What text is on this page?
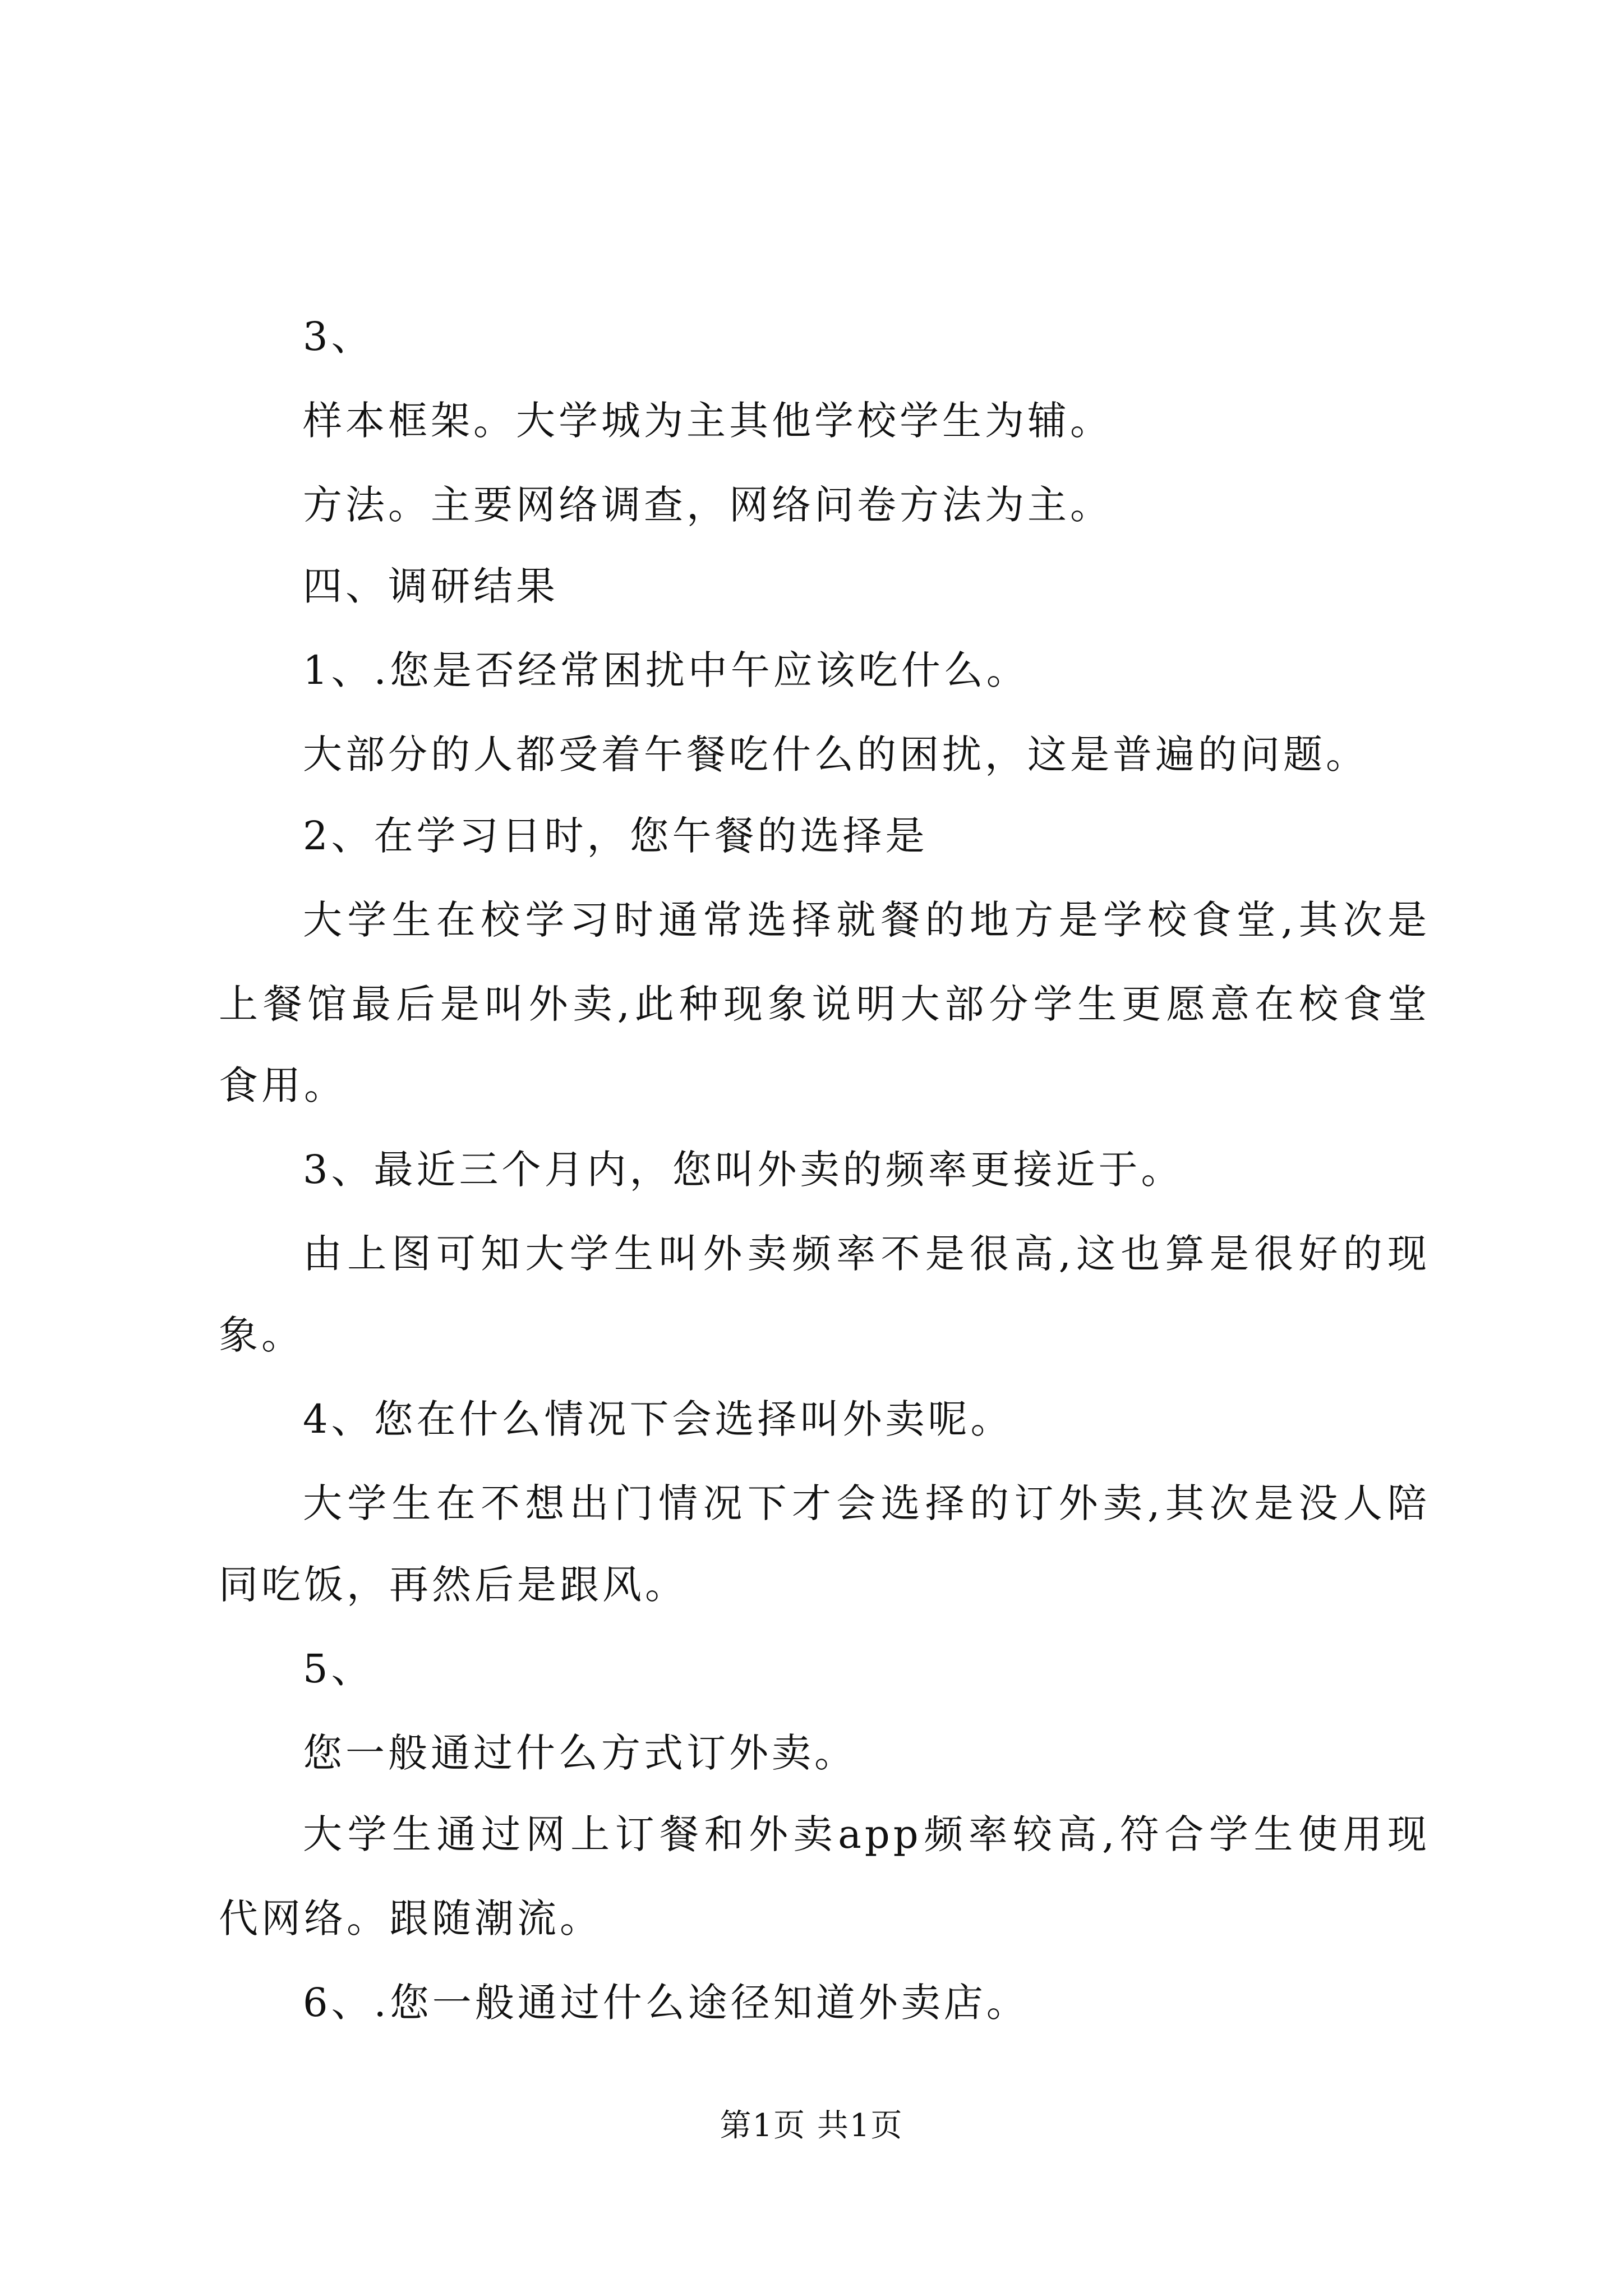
3、
样本框架。大学城为主其他学校学生为辅。
方法。主要网络调查，网络问卷方法为主。
四、调研结果
1、.您是否经常困扰中午应该吃什么。
大部分的人都受着午餐吃什么的困扰，这是普遍的问题。
2、在学习日时，您午餐的选择是
大学生在校学习时通常选择就餐的地方是学校食堂,其次是
上餐馆最后是叫外卖,此种现象说明大部分学生更愿意在校食堂
食用。
3、最近三个月内，您叫外卖的频率更接近于。
由上图可知大学生叫外卖频率不是很高,这也算是很好的现
象。
4、您在什么情况下会选择叫外卖呢。
大学生在不想出门情况下才会选择的订外卖,其次是没人陪
同吃饭，再然后是跟风。
5、
您一般通过什么方式订外卖。
大学生通过网上订餐和外卖app频率较高,符合学生使用现
代网络。跟随潮流。
6、.您一般通过什么途径知道外卖店。
第1页 共1页
